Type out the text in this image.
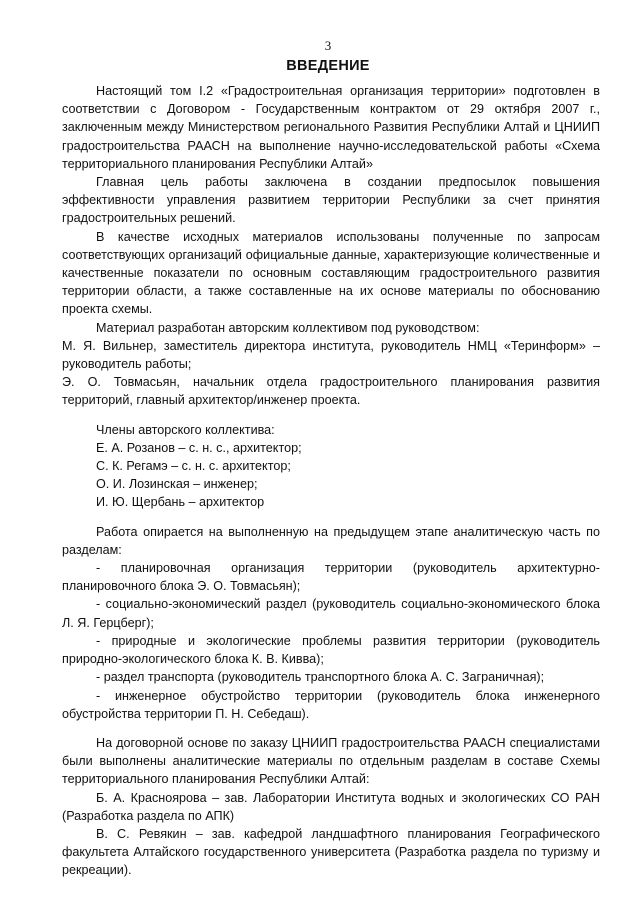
3
ВВЕДЕНИЕ

Настоящий том I.2 «Градостроительная организация территории» подготовлен в соответствии с Договором - Государственным контрактом от 29 октября 2007 г., заключенным между Министерством регионального Развития Республики Алтай и ЦНИИП градостроительства РААСН на выполнение научно-исследовательской работы «Схема территориального планирования Республики Алтай»

Главная цель работы заключена в создании предпосылок повышения эффективности управления развитием территории Республики за счет принятия градостроительных решений.

В качестве исходных материалов использованы полученные по запросам соответствующих организаций официальные данные, характеризующие количественные и качественные показатели по основным составляющим градостроительного развития территории области, а также составленные на их основе материалы по обоснованию проекта схемы.

Материал разработан авторским коллективом под руководством:

М. Я. Вильнер, заместитель директора института, руководитель НМЦ «Теринформ» – руководитель работы;

Э. О. Товмасьян, начальник отдела градостроительного планирования развития территорий, главный архитектор/инженер проекта.

Члены авторского коллектива:

Е. А. Розанов – с. н. с., архитектор;

С. К. Регамэ – с. н. с. архитектор;

О. И. Лозинская – инженер;

И. Ю. Щербань – архитектор

Работа опирается на выполненную на предыдущем этапе аналитическую часть по разделам:

- планировочная организация территории (руководитель архитектурно-планировочного блока Э. О. Товмасьян);

- социально-экономический раздел (руководитель социально-экономического блока Л. Я. Герцберг);

- природные и экологические проблемы развития территории (руководитель природно-экологического блока К. В. Кивва);

- раздел транспорта (руководитель транспортного блока А. С. Заграничная);

- инженерное обустройство территории (руководитель блока инженерного обустройства территории П. Н. Себедаш).

На договорной основе по заказу ЦНИИП градостроительства РААСН специалистами были выполнены аналитические материалы по отдельным разделам в составе Схемы территориального планирования Республики Алтай:

Б. А. Красноярова – зав. Лаборатории Института водных и экологических СО РАН (Разработка раздела по АПК)

В. С. Ревякин – зав. кафедрой ландшафтного планирования Географического факультета Алтайского государственного университета (Разработка раздела по туризму и рекреации).
